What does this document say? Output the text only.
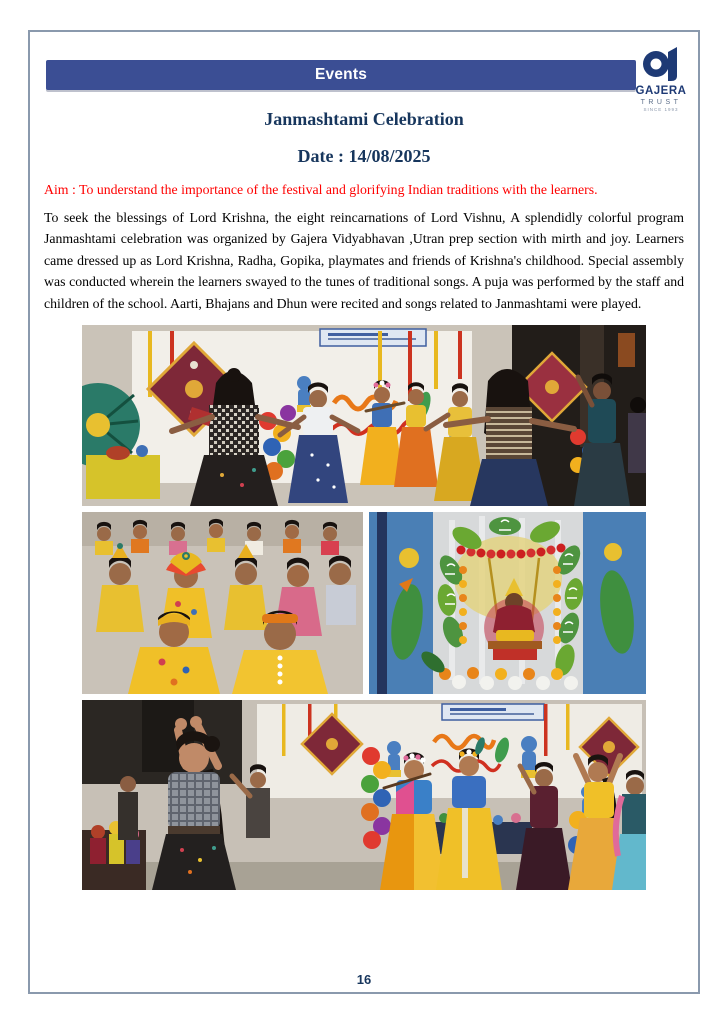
Events
GAJERA
TRUST
SINCE 1993
Janmashtami Celebration
Date : 14/08/2025

Aim : To understand the importance of the festival and glorifying Indian traditions with the learners.

To seek the blessings of Lord Krishna, the eight reincarnations of Lord Vishnu, A splendidly colorful program Janmashtami celebration was organized by Gajera Vidyabhavan ,Utran prep section with mirth and joy. Learners came dressed up as Lord Krishna, Radha, Gopika, playmates and friends of Krishna's childhood. Special assembly was conducted wherein the learners swayed to the tunes of traditional songs. A puja was performed by the staff and children of the school. Aarti, Bhajans and Dhun were recited and songs related to Janmashtami were played.

16
